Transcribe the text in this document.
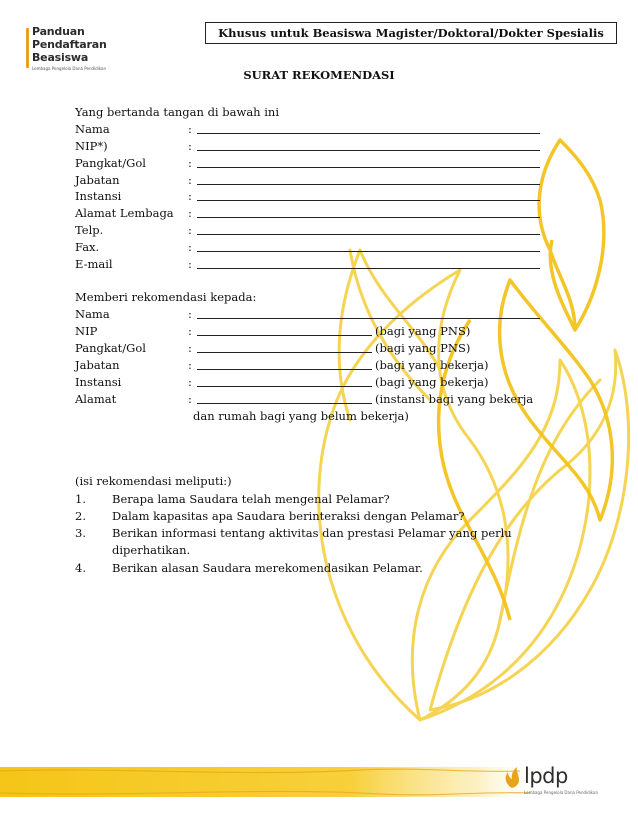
Panduan
Pendaftaran
Beasiswa
Lembaga Pengelola Dana Pendidikan
Khusus untuk Beasiswa Magister/Doktoral/Dokter Spesialis
SURAT REKOMENDASI
Yang bertanda tangan di bawah ini
Nama	:
NIP*)	:
Pangkat/Gol	:
Jabatan	:
Instansi	:
Alamat Lembaga :
Telp.	:
Fax.	:
E-mail	:
Memberi rekomendasi kepada:
Nama	:
NIP	:	(bagi yang PNS)
Pangkat/Gol	:	(bagi yang PNS)
Jabatan	:	(bagi yang bekerja)
Instansi	:	(bagi yang bekerja)
Alamat	:	(instansi bagi yang bekerja
dan rumah bagi yang belum bekerja)
(isi rekomendasi meliputi:)
1. Berapa lama Saudara telah mengenal Pelamar?
2. Dalam kapasitas apa Saudara berinteraksi dengan Pelamar?
3. Berikan informasi tentang aktivitas dan prestasi Pelamar yang perlu
diperhatikan.
4. Berikan alasan Saudara merekomendasikan Pelamar.
lpdp
Lembaga Pengelola Dana Pendidikan
